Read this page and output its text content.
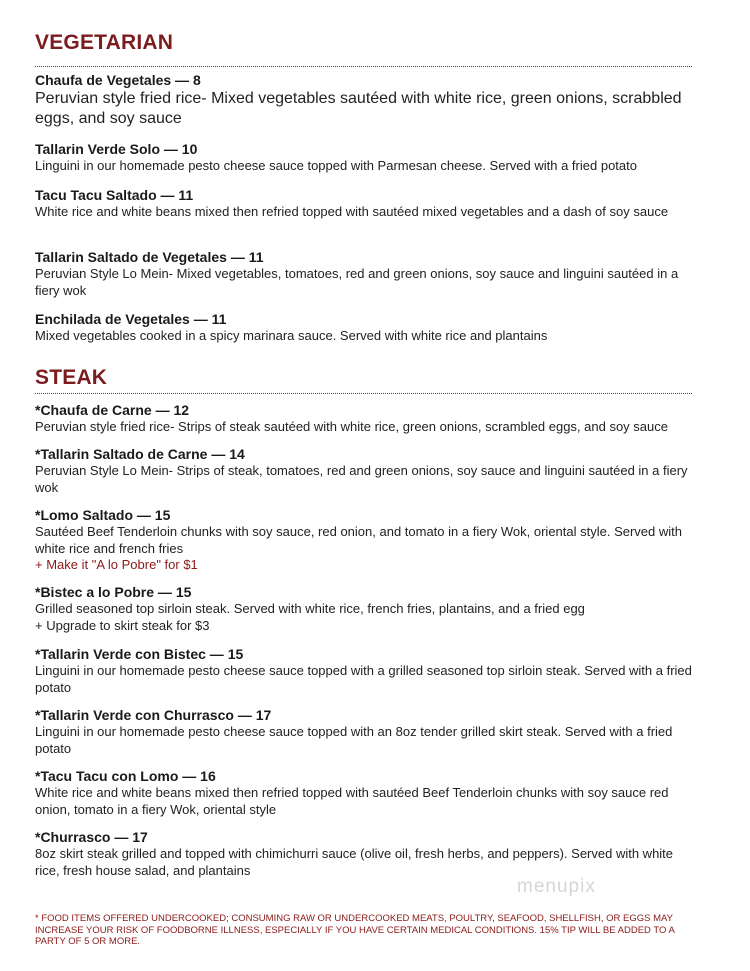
VEGETARIAN
Chaufa de Vegetales — 8
Peruvian style fried rice- Mixed vegetables sautéed with white rice, green onions, scrabbled eggs, and soy sauce
Tallarin Verde Solo — 10
Linguini in our homemade pesto cheese sauce topped with Parmesan cheese. Served with a fried potato
Tacu Tacu Saltado — 11
White rice and white beans mixed then refried topped with sautéed mixed vegetables and a dash of soy sauce
Tallarin Saltado de Vegetales — 11
Peruvian Style Lo Mein- Mixed vegetables, tomatoes, red and green onions, soy sauce and linguini sautéed in a fiery wok
Enchilada de Vegetales — 11
Mixed vegetables cooked in a spicy marinara sauce. Served with white rice and plantains
STEAK
*Chaufa de Carne — 12
Peruvian style fried rice- Strips of steak sautéed with white rice, green onions, scrambled eggs, and soy sauce
*Tallarin Saltado de Carne — 14
Peruvian Style Lo Mein- Strips of steak, tomatoes, red and green onions, soy sauce and linguini sautéed in a fiery wok
*Lomo Saltado — 15
Sautéed Beef Tenderloin chunks with soy sauce, red onion, and tomato in a fiery Wok, oriental style. Served with white rice and french fries
+ Make it "A lo Pobre" for $1
*Bistec a lo Pobre — 15
Grilled seasoned top sirloin steak. Served with white rice, french fries, plantains, and a fried egg
+ Upgrade to skirt steak for $3
*Tallarin Verde con Bistec — 15
Linguini in our homemade pesto cheese sauce topped with a grilled seasoned top sirloin steak. Served with a fried potato
*Tallarin Verde con Churrasco — 17
Linguini in our homemade pesto cheese sauce topped with an 8oz tender grilled skirt steak. Served with a fried potato
*Tacu Tacu con Lomo — 16
White rice and white beans mixed then refried topped with sautéed Beef Tenderloin chunks with soy sauce red onion, tomato in a fiery Wok, oriental style
*Churrasco — 17
8oz skirt steak grilled and topped with chimichurri sauce (olive oil, fresh herbs, and peppers). Served with white rice, fresh house salad, and plantains
menupix
* FOOD ITEMS OFFERED UNDERCOOKED; CONSUMING RAW OR UNDERCOOKED MEATS, POULTRY, SEAFOOD, SHELLFISH, OR EGGS MAY INCREASE YOUR RISK OF FOODBORNE ILLNESS, ESPECIALLY IF YOU HAVE CERTAIN MEDICAL CONDITIONS. 15% TIP WILL BE ADDED TO A PARTY OF 5 OR MORE.
